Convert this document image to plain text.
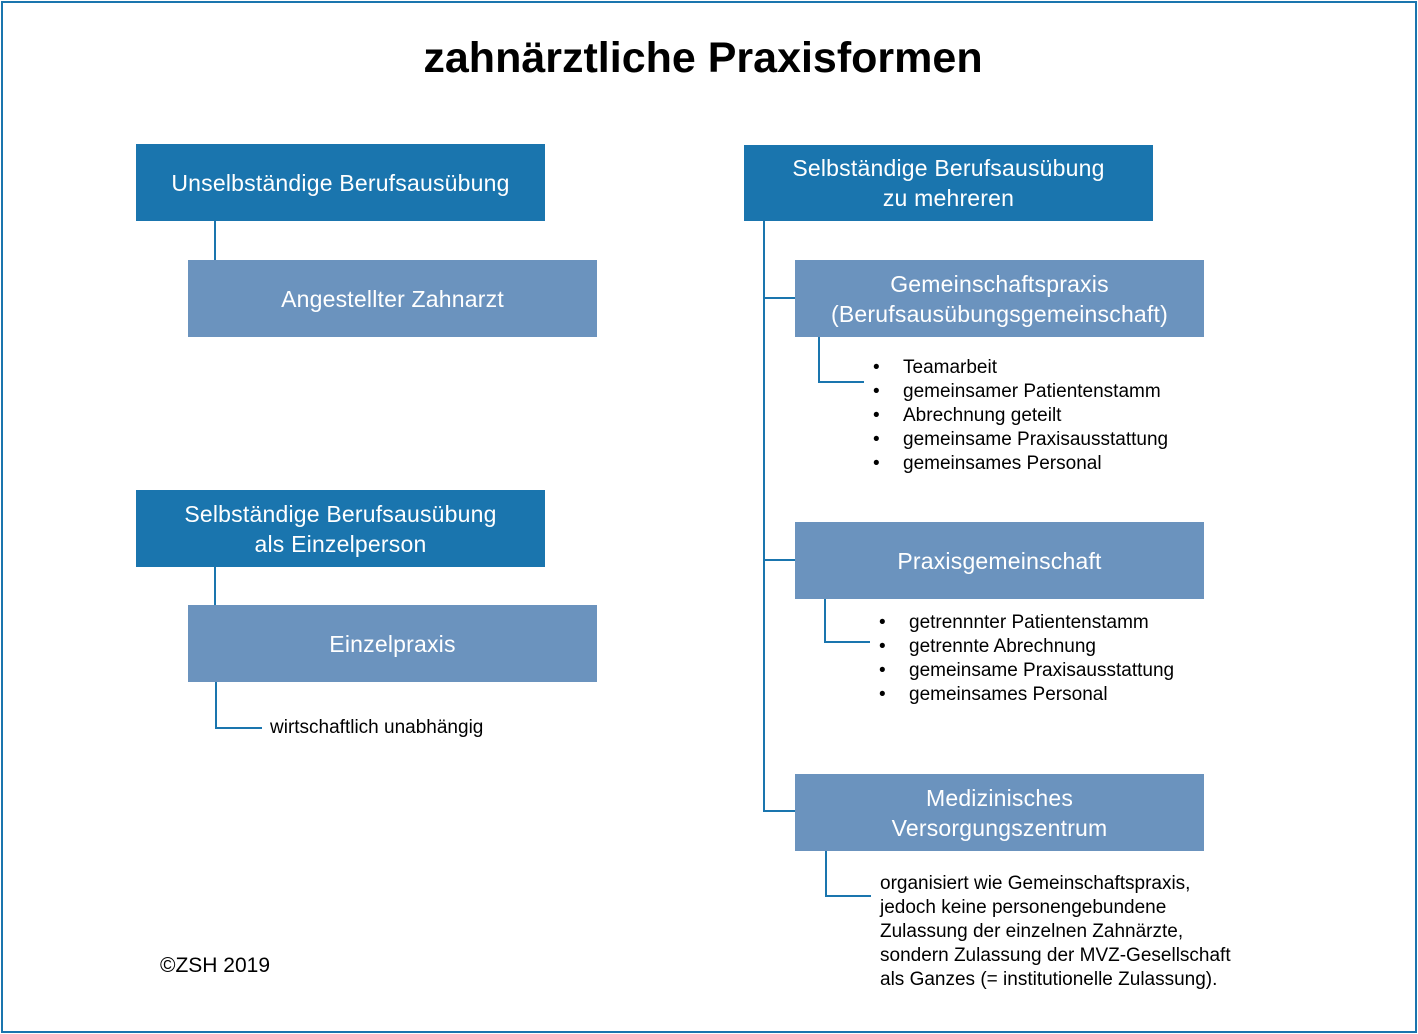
zahnärztliche Praxisformen
Unselbständige Berufsausübung
Angestellter Zahnarzt
Selbständige Berufsausübung
als Einzelperson
Einzelpraxis
wirtschaftlich unabhängig
Selbständige Berufsausübung
zu mehreren
Gemeinschaftspraxis
(Berufsausübungsgemeinschaft)
• Teamarbeit
• gemeinsamer Patientenstamm
• Abrechnung geteilt
• gemeinsame Praxisausstattung
• gemeinsames Personal
Praxisgemeinschaft
• getrennnter Patientenstamm
• getrennte Abrechnung
• gemeinsame Praxisausstattung
• gemeinsames Personal
Medizinisches
Versorgungszentrum
organisiert wie Gemeinschaftspraxis,
jedoch keine personengebundene
Zulassung der einzelnen Zahnärzte,
sondern Zulassung der MVZ-Gesellschaft
als Ganzes (= institutionelle Zulassung).
©ZSH 2019
